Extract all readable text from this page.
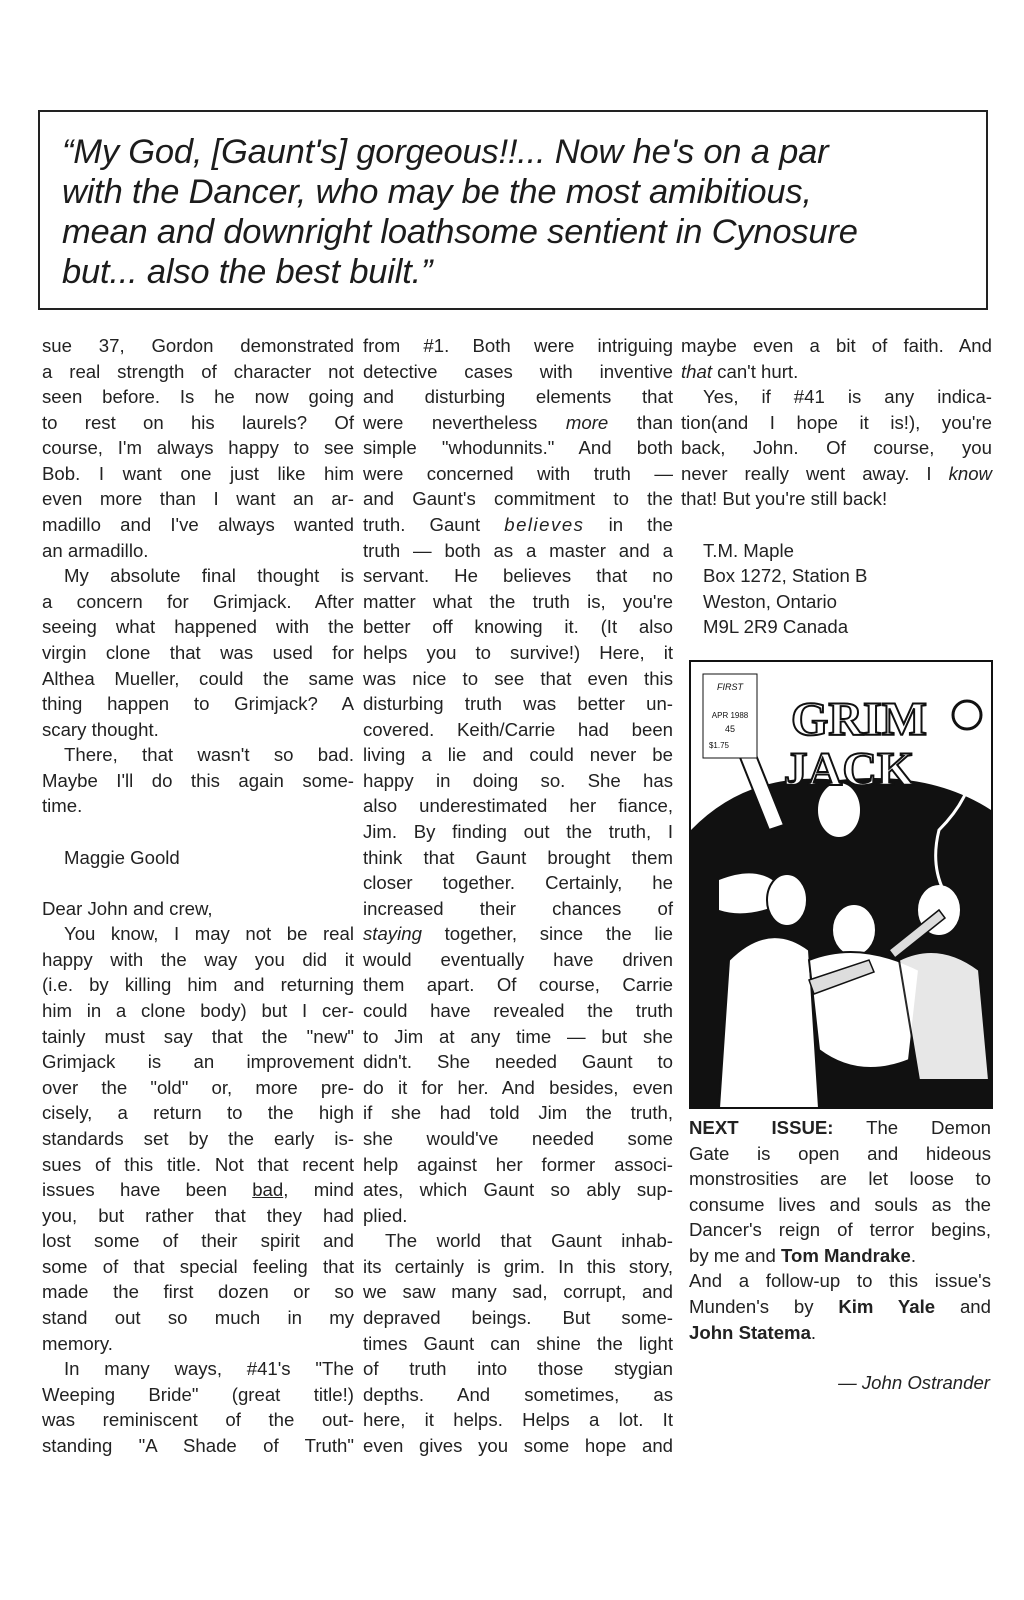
“My God, [Gaunt's] gorgeous!!... Now he's on a par
with the Dancer, who may be the most amibitious,
mean and downright loathsome sentient in Cynosure
but... also the best built.”
sue 37, Gordon demonstrated
a real strength of character not
seen before. Is he now going
to rest on his laurels? Of
course, I'm always happy to see
Bob. I want one just like him
even more than I want an ar-
madillo and I've always wanted
an armadillo.
My absolute final thought is
a concern for Grimjack. After
seeing what happened with the
virgin clone that was used for
Althea Mueller, could the same
thing happen to Grimjack? A
scary thought.
There, that wasn't so bad.
Maybe I'll do this again some-
time.
Maggie Goold
Dear John and crew,
You know, I may not be real
happy with the way you did it
(i.e. by killing him and returning
him in a clone body) but I cer-
tainly must say that the "new"
Grimjack is an improvement
over the "old" or, more pre-
cisely, a return to the high
standards set by the early is-
sues of this title. Not that recent
issues have been bad, mind
you, but rather that they had
lost some of their spirit and
some of that special feeling that
made the first dozen or so
stand out so much in my
memory.
In many ways, #41's "The
Weeping Bride" (great title!)
was reminiscent of the out-
standing "A Shade of Truth"
from #1. Both were intriguing
detective cases with inventive
and disturbing elements that
were nevertheless more than
simple "whodunnits." And both
were concerned with truth —
and Gaunt's commitment to the
truth. Gaunt believes in the
truth — both as a master and a
servant. He believes that no
matter what the truth is, you're
better off knowing it. (It also
helps you to survive!) Here, it
was nice to see that even this
disturbing truth was better un-
covered. Keith/Carrie had been
living a lie and could never be
happy in doing so. She has
also underestimated her fiance,
Jim. By finding out the truth, I
think that Gaunt brought them
closer together. Certainly, he
increased their chances of
staying together, since the lie
would eventually have driven
them apart. Of course, Carrie
could have revealed the truth
to Jim at any time — but she
didn't. She needed Gaunt to
do it for her. And besides, even
if she had told Jim the truth,
she would've needed some
help against her former associ-
ates, which Gaunt so ably sup-
plied.
The world that Gaunt inhab-
its certainly is grim. In this story,
we saw many sad, corrupt, and
depraved beings. But some-
times Gaunt can shine the light
of truth into those stygian
depths. And sometimes, as
here, it helps. Helps a lot. It
even gives you some hope and
maybe even a bit of faith. And
that can't hurt.
Yes, if #41 is any indica-
tion(and I hope it is!), you're
back, John. Of course, you
never really went away. I know
that! But you're still back!
T.M. Maple
Box 1272, Station B
Weston, Ontario
M9L 2R9 Canada
GRIM
JACK
FIRST
APR 1988
45
$1.75
NEXT ISSUE: The Demon
Gate is open and hideous
monstrosities are let loose to
consume lives and souls as the
Dancer's reign of terror begins,
by me and Tom Mandrake.
And a follow-up to this issue's
Munden's by Kim Yale and
John Statema.
— John Ostrander
